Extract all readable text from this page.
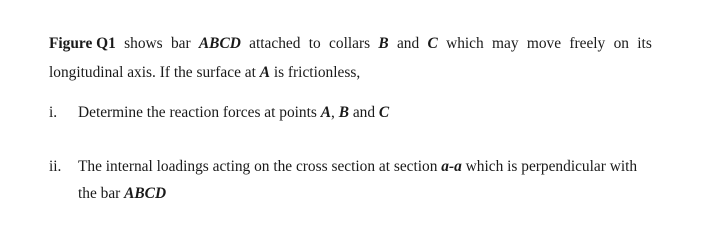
Figure Q1 shows bar ABCD attached to collars B and C which may move freely on its
longitudinal axis. If the surface at A is frictionless,
i. Determine the reaction forces at points A, B and C
ii. The internal loadings acting on the cross section at section a-a which is perpendicular with
the bar ABCD
